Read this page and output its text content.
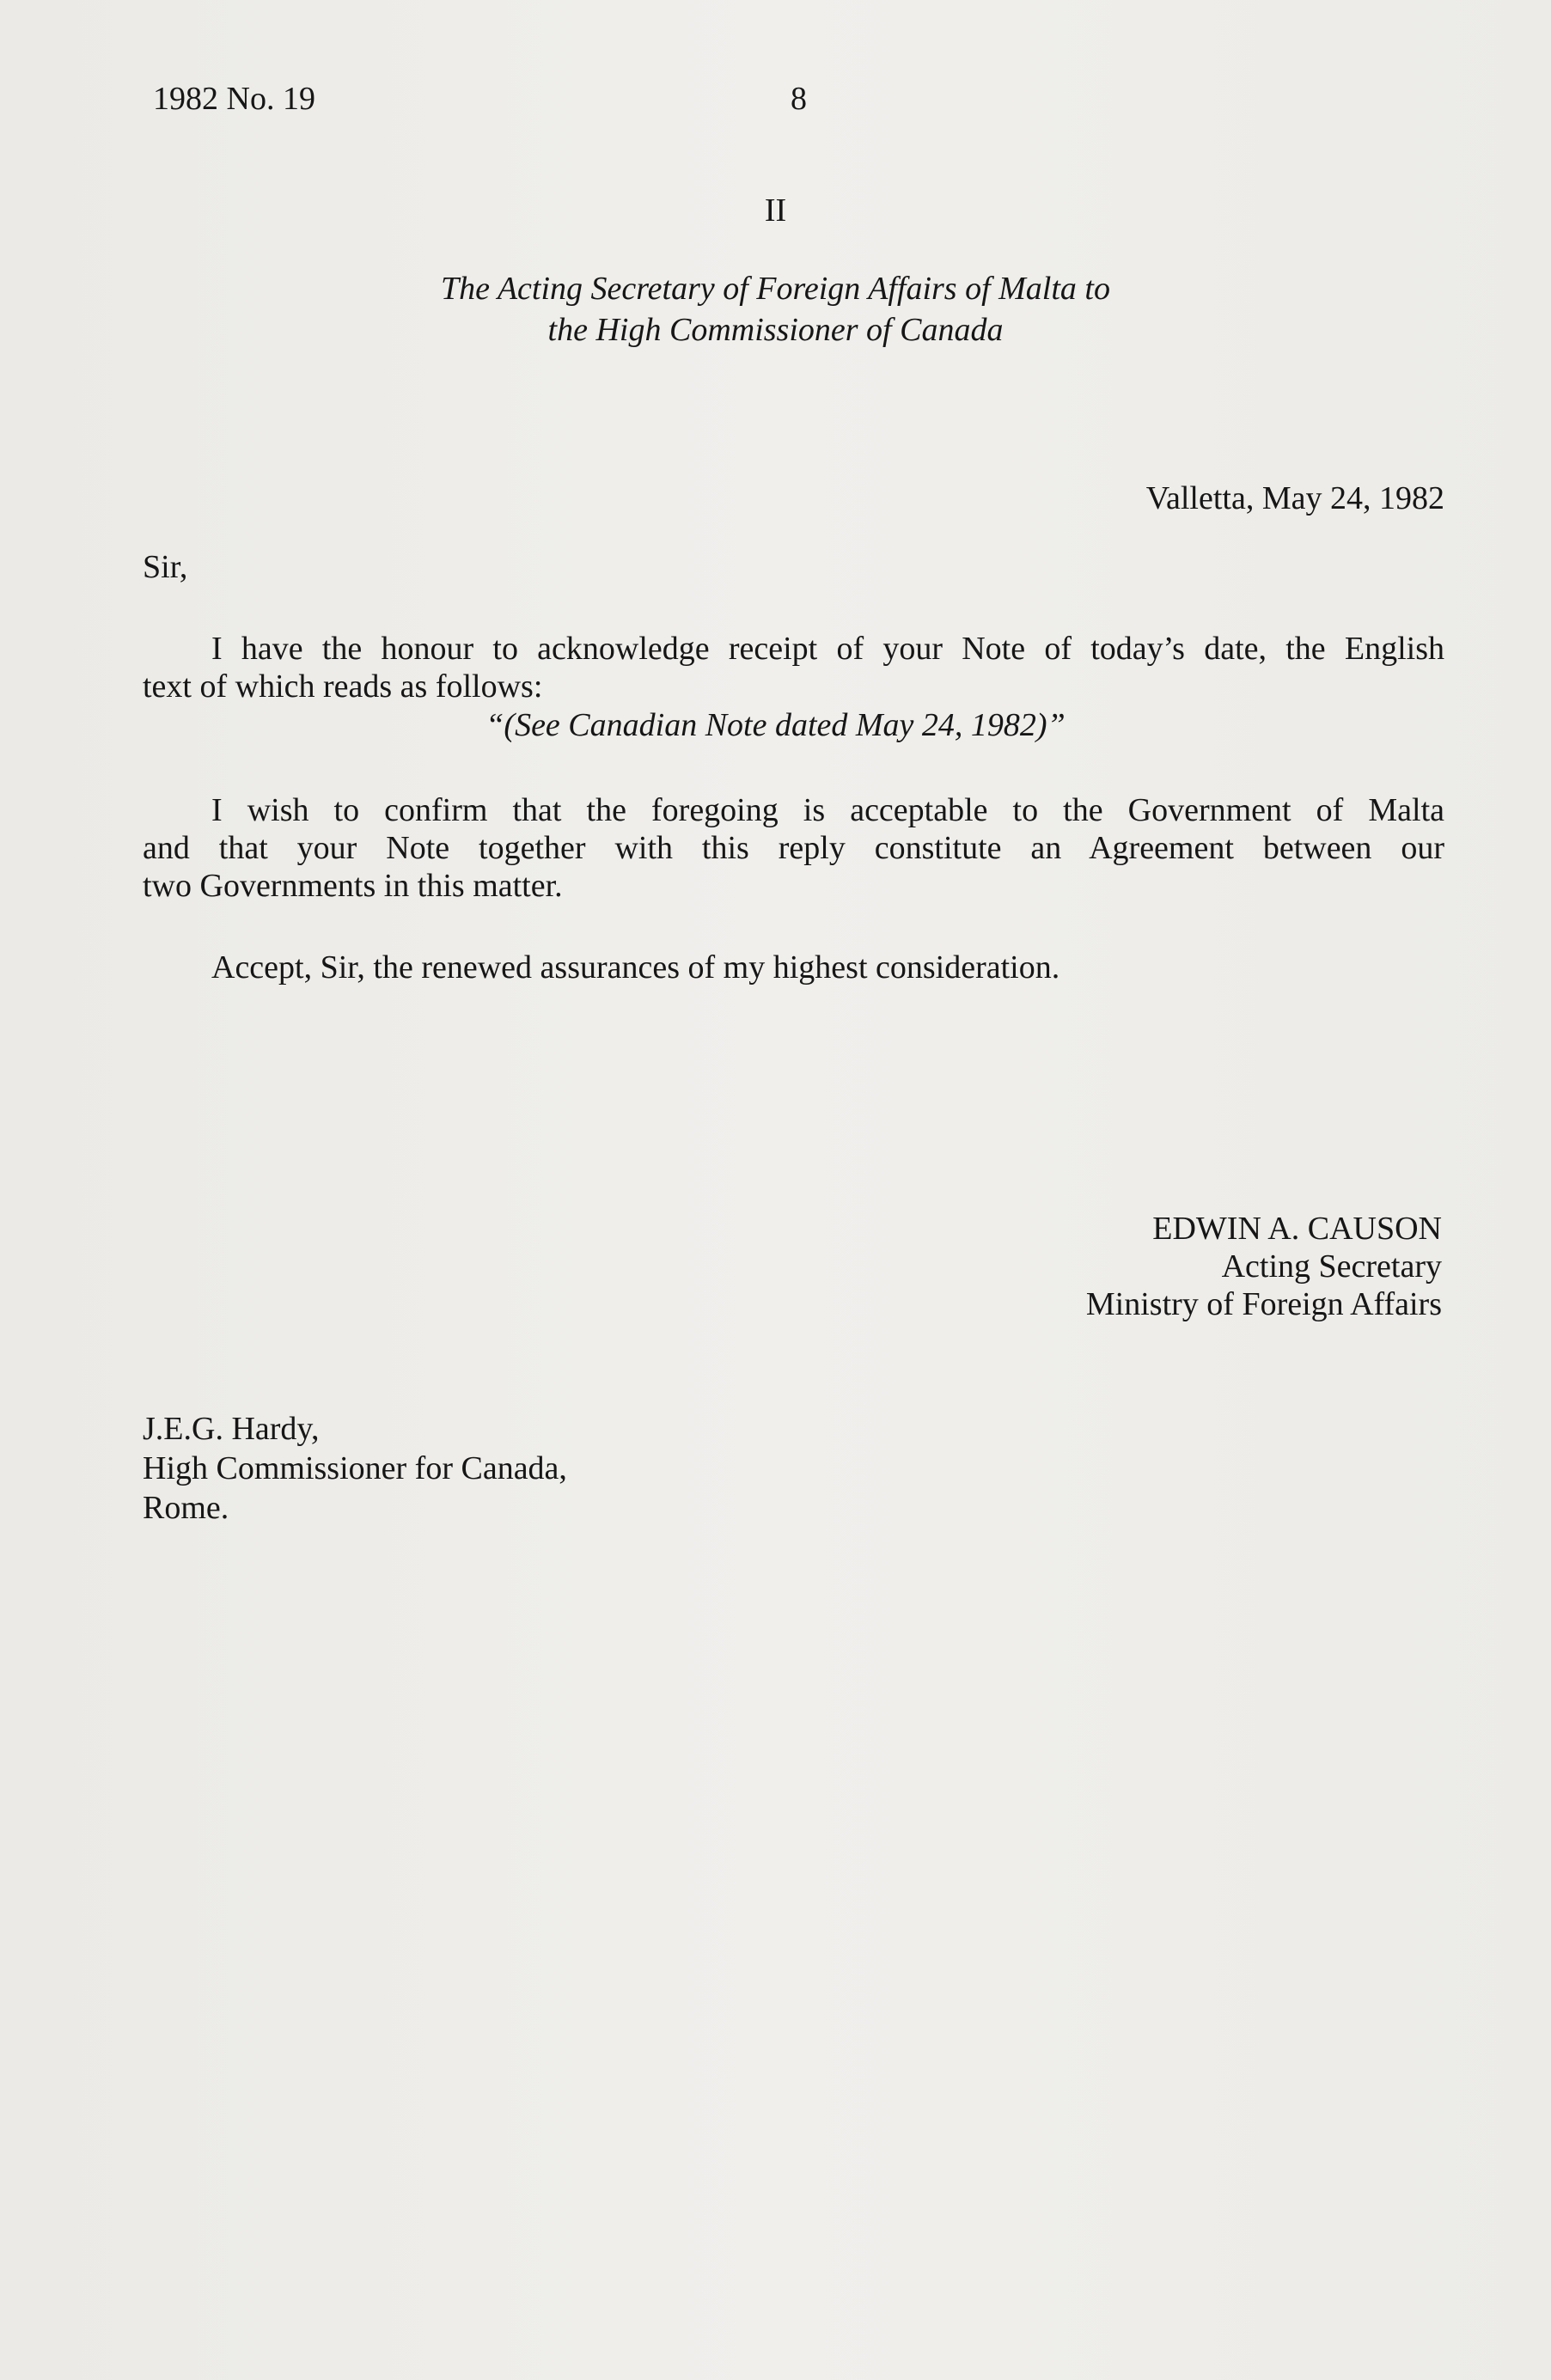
1982 No. 19	8
II
The Acting Secretary of Foreign Affairs of Malta to
the High Commissioner of Canada
Valletta, May 24, 1982
Sir,
I have the honour to acknowledge receipt of your Note of today’s date, the English
text of which reads as follows:
“(See Canadian Note dated May 24, 1982)”
I wish to confirm that the foregoing is acceptable to the Government of Malta
and that your Note together with this reply constitute an Agreement between our
two Governments in this matter.
Accept, Sir, the renewed assurances of my highest consideration.
EDWIN A. CAUSON
Acting Secretary
Ministry of Foreign Affairs
J.E.G. Hardy,
High Commissioner for Canada,
Rome.
